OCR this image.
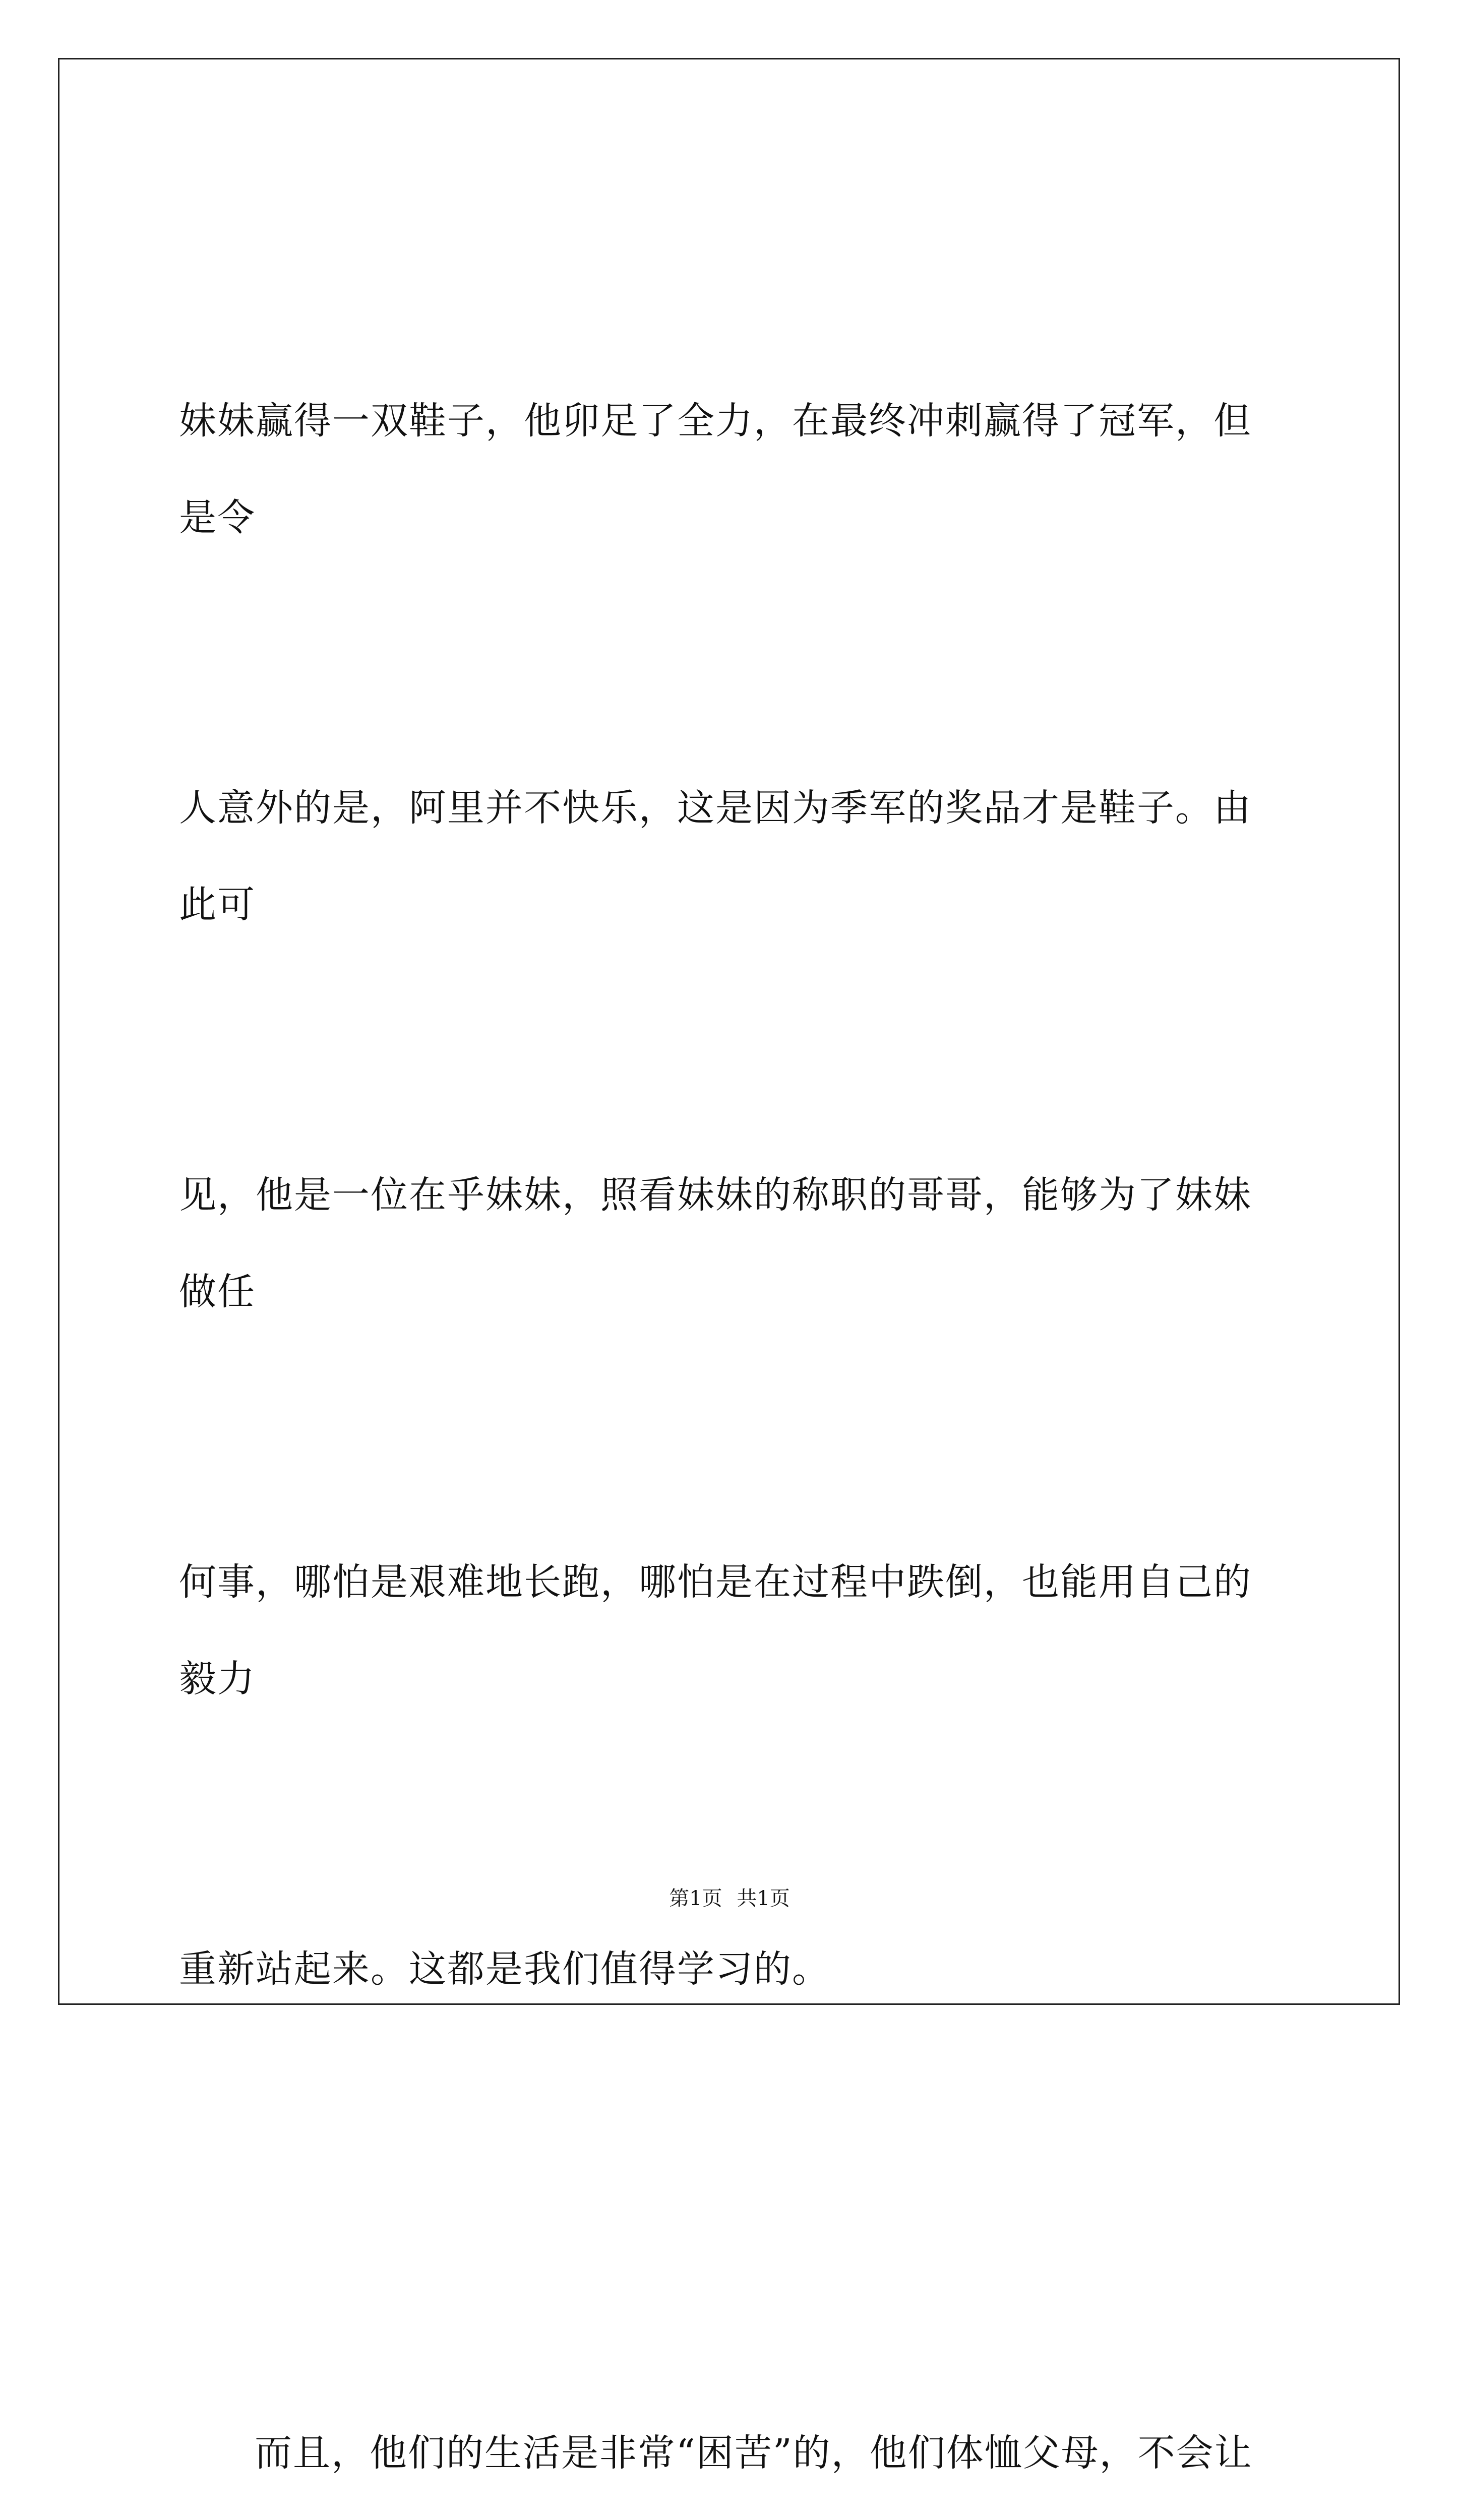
妹妹赢得一双鞋子，他卯足了全力，在最终冲刺赢得了冠军，但是令

人意外的是，阿里并不快乐，这是因为季军的奖品才是鞋子。由此可

见，他是一位在乎妹妹，照看妹妹的称职的哥哥，能够为了妹妹做任

何事，哪怕是艰难地长跑，哪怕是在过程中跌倒，也能用自己的毅力

重新站起来。这都是我们值得学习的。

而且，他们的生活是非常“困苦”的，他们体恤父母，不会让

第1页 共1页
